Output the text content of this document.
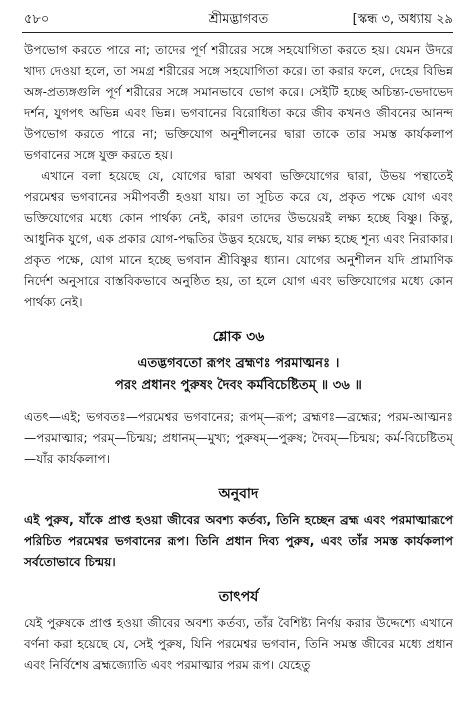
৫৮০	শ্রীমদ্ভাগবত	[স্কন্ধ ৩, অধ্যায় ২৯

উপভোগ করতে পারে না; তাদের পূর্ণ শরীরের সঙ্গে সহযোগিতা করতে হয়। যেমন উদরে খাদ্য দেওয়া হলে, তা সমগ্র শরীরের সঙ্গে সহযোগিতা করে। তা করার ফলে, দেহের বিভিন্ন অঙ্গ-প্রত্যঙ্গগুলি পূর্ণ শরীরের সঙ্গে সমানভাবে ভোগ করে। সেইটি হচ্ছে অচিন্ত্য-ভেদাভেদ দর্শন, যুগপৎ অভিন্ন এবং ভিন্ন। ভগবানের বিরোধিতা করে জীব কখনও জীবনের আনন্দ উপভোগ করতে পারে না; ভক্তিযোগ অনুশীলনের দ্বারা তাকে তার সমস্ত কার্যকলাপ ভগবানের সঙ্গে যুক্ত করতে হয়।

এখানে বলা হয়েছে যে, যোগের দ্বারা অথবা ভক্তিযোগের দ্বারা, উভয় পন্থাতেই পরমেশ্বর ভগবানের সমীপবর্তী হওয়া যায়। তা সূচিত করে যে, প্রকৃত পক্ষে যোগ এবং ভক্তিযোগের মধ্যে কোন পার্থক্য নেই, কারণ তাদের উভয়েরই লক্ষ্য হচ্ছে বিষ্ণু। কিন্তু, আধুনিক যুগে, এক প্রকার যোগ-পদ্ধতির উদ্ভব হয়েছে, যার লক্ষ্য হচ্ছে শূন্য এবং নিরাকার। প্রকৃত পক্ষে, যোগ মানে হচ্ছে ভগবান শ্রীবিষ্ণুর ধ্যান। যোগের অনুশীলন যদি প্রামাণিক নির্দেশ অনুসারে বাস্তবিকভাবে অনুষ্ঠিত হয়, তা হলে যোগ এবং ভক্তিযোগের মধ্যে কোন পার্থক্য নেই।

শ্লোক ৩৬
এতদ্ভগবতো রূপং ব্রহ্মণঃ পরমাত্মনঃ ।
পরং প্রধানং পুরুষং দৈবং কর্মবিচেষ্টিতম্ ॥ ৩৬ ॥

এতৎ—এই; ভগবতঃ—পরমেশ্বর ভগবানের; রূপম্—রূপ; ব্রহ্মণঃ—ব্রহ্মের; পরম-আত্মনঃ—পরমাত্মার; পরম্—চিন্ময়; প্রধানম্—মুখ্য; পুরুষম্—পুরুষ; দৈবম্—চিন্ময়; কর্ম-বিচেষ্টিতম্—যাঁর কার্যকলাপ।

অনুবাদ

এই পুরুষ, যাঁকে প্রাপ্ত হওয়া জীবের অবশ্য কর্তব্য, তিনি হচ্ছেন ব্রহ্ম এবং পরমাত্মারূপে পরিচিত পরমেশ্বর ভগবানের রূপ। তিনি প্রধান দিব্য পুরুষ, এবং তাঁর সমস্ত কার্যকলাপ সর্বতোভাবে চিন্ময়।

তাৎপর্য

যেই পুরুষকে প্রাপ্ত হওয়া জীবের অবশ্য কর্তব্য, তাঁর বৈশিষ্ট্য নির্ণয় করার উদ্দেশ্যে এখানে বর্ণনা করা হয়েছে যে, সেই পুরুষ, যিনি পরমেশ্বর ভগবান, তিনি সমস্ত জীবের মধ্যে প্রধান এবং নির্বিশেষ ব্রহ্মজ্যোতি এবং পরমাত্মার পরম রূপ। যেহেতু
